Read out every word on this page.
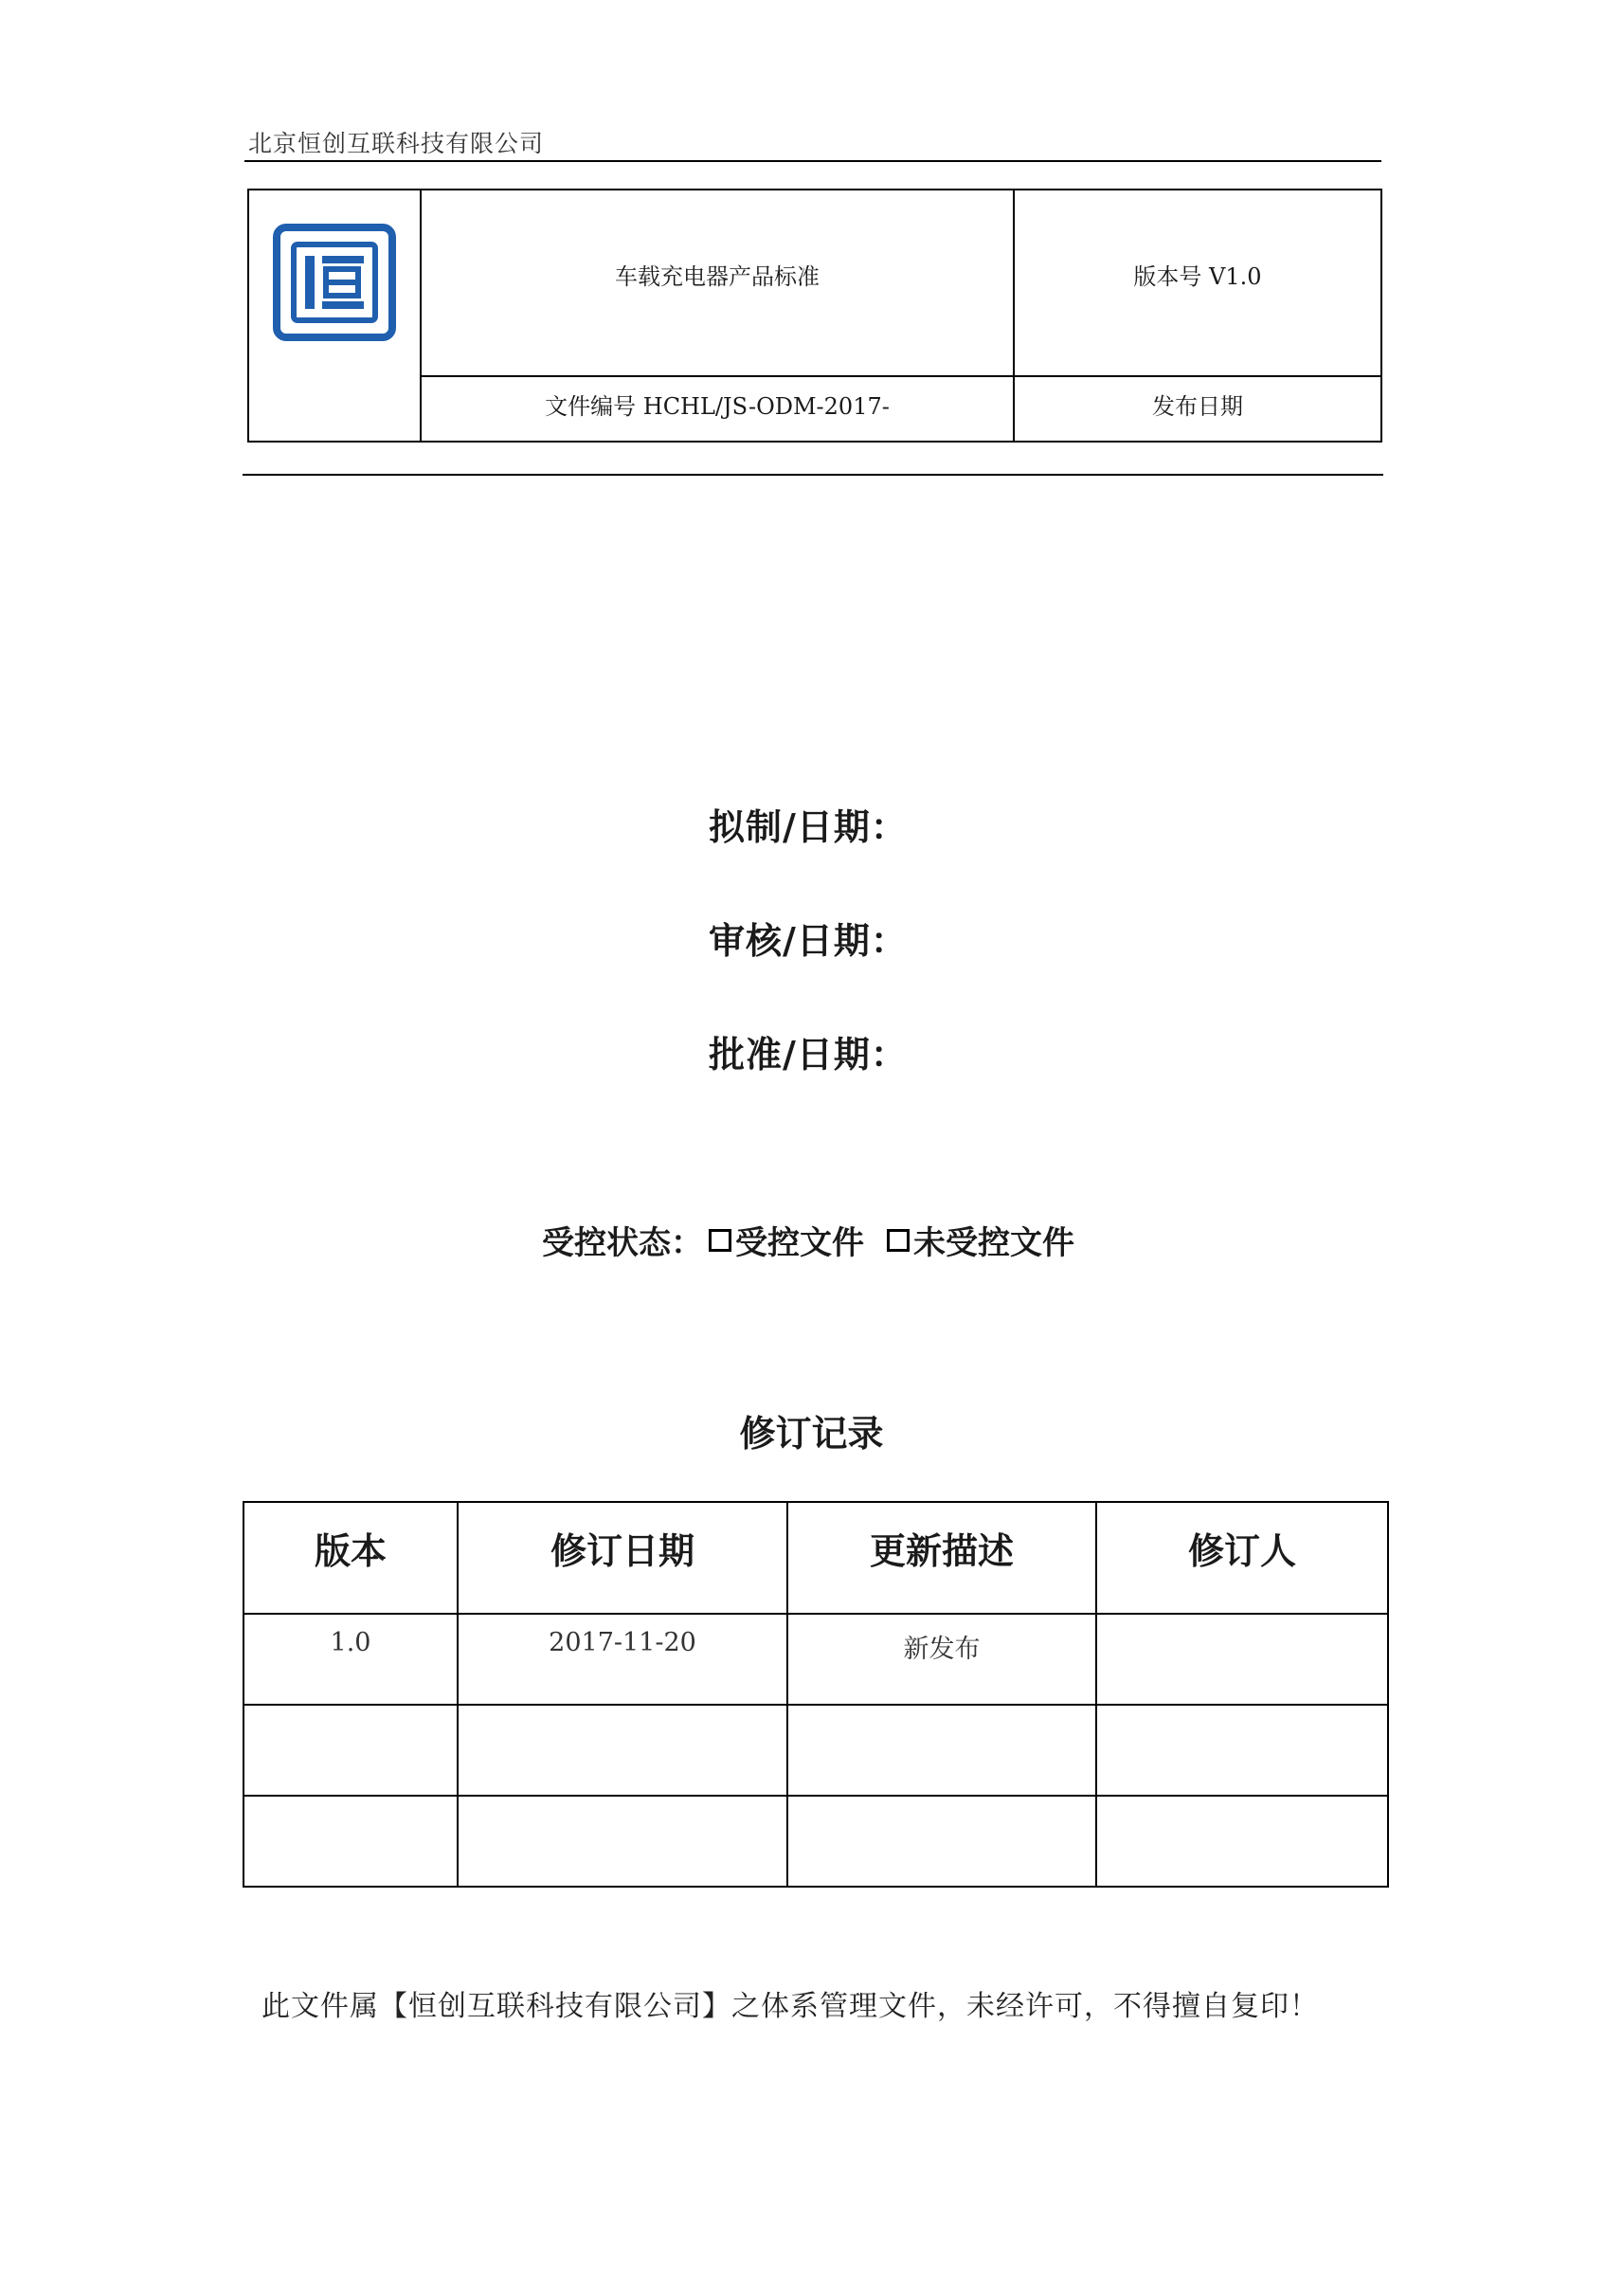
北京恒创互联科技有限公司
车载充电器产品标准	版本号 V1.0
文件编号 HCHL/JS-ODM-2017-	发布日期
拟制/日期：
审核/日期：
批准/日期：
受控状态： 受控文件 未受控文件
修订记录
版本	修订日期	更新描述	修订人
1.0	2017-11-20	新发布	

此文件属【恒创互联科技有限公司】之体系管理文件，未经许可，不得擅自复印！
